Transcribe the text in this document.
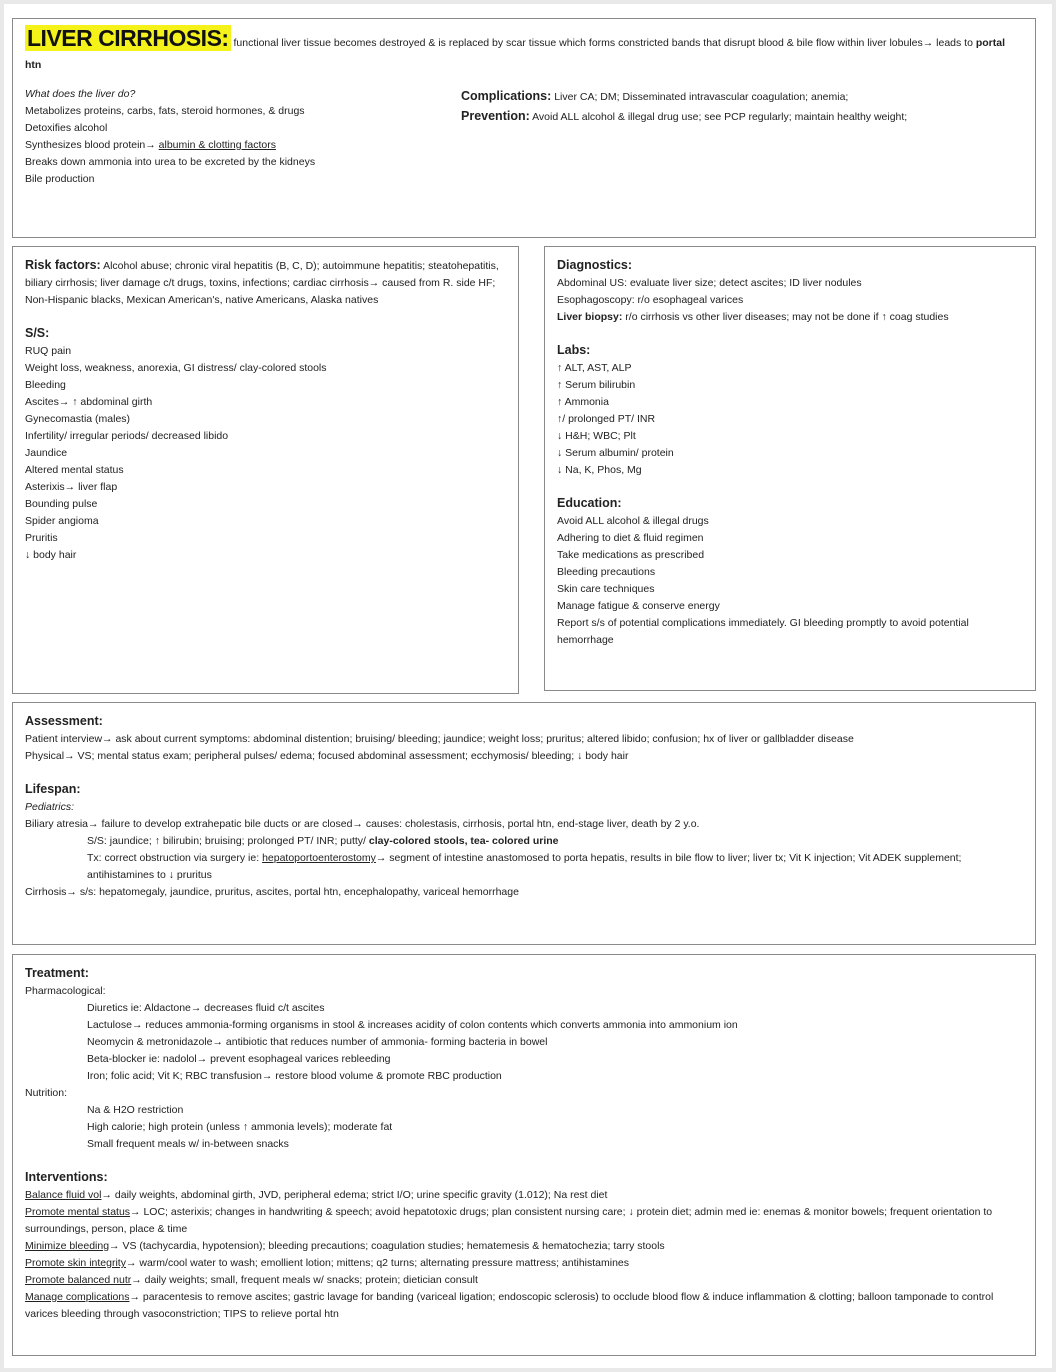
LIVER CIRRHOSIS: functional liver tissue becomes destroyed & is replaced by scar tissue which forms constricted bands that disrupt blood & bile flow within liver lobules→ leads to portal htn
What does the liver do?
Metabolizes proteins, carbs, fats, steroid hormones, & drugs
Detoxifies alcohol
Synthesizes blood protein→ albumin & clotting factors
Breaks down ammonia into urea to be excreted by the kidneys
Bile production
Complications: Liver CA; DM; Disseminated intravascular coagulation; anemia;
Prevention: Avoid ALL alcohol & illegal drug use; see PCP regularly; maintain healthy weight;
Risk factors: Alcohol abuse; chronic viral hepatitis (B, C, D); autoimmune hepatitis; steatohepatitis, biliary cirrhosis; liver damage c/t drugs, toxins, infections; cardiac cirrhosis→ caused from R. side HF; Non-Hispanic blacks, Mexican American's, native Americans, Alaska natives
S/S:
RUQ pain
Weight loss, weakness, anorexia, GI distress/ clay-colored stools
Bleeding
Ascites→ ↑ abdominal girth
Gynecomastia (males)
Infertility/ irregular periods/ decreased libido
Jaundice
Altered mental status
Asterixis→ liver flap
Bounding pulse
Spider angioma
Pruritis
↓ body hair
Diagnostics:
Abdominal US: evaluate liver size; detect ascites; ID liver nodules
Esophagoscopy: r/o esophageal varices
Liver biopsy: r/o cirrhosis vs other liver diseases; may not be done if ↑ coag studies
Labs:
↑ ALT, AST, ALP
↑ Serum bilirubin
↑ Ammonia
↑/ prolonged PT/ INR
↓ H&H; WBC; Plt
↓ Serum albumin/ protein
↓ Na, K, Phos, Mg
Education:
Avoid ALL alcohol & illegal drugs
Adhering to diet & fluid regimen
Take medications as prescribed
Bleeding precautions
Skin care techniques
Manage fatigue & conserve energy
Report s/s of potential complications immediately. GI bleeding promptly to avoid potential hemorrhage
Assessment:
Patient interview→ ask about current symptoms: abdominal distention; bruising/ bleeding; jaundice; weight loss; pruritus; altered libido; confusion; hx of liver or gallbladder disease
Physical→ VS; mental status exam; peripheral pulses/ edema; focused abdominal assessment; ecchymosis/ bleeding; ↓ body hair
Lifespan:
Pediatrics:
Biliary atresia→ failure to develop extrahepatic bile ducts or are closed→ causes: cholestasis, cirrhosis, portal htn, end-stage liver, death by 2 y.o.
S/S: jaundice; ↑ bilirubin; bruising; prolonged PT/ INR; putty/ clay-colored stools, tea- colored urine
Tx: correct obstruction via surgery ie: hepatoportoenterostomy→ segment of intestine anastomosed to porta hepatis, results in bile flow to liver; liver tx; Vit K injection; Vit ADEK supplement; antihistamines to ↓ pruritus
Cirrhosis→ s/s: hepatomegaly, jaundice, pruritus, ascites, portal htn, encephalopathy, variceal hemorrhage
Treatment:
Pharmacological:
Diuretics ie: Aldactone→ decreases fluid c/t ascites
Lactulose→ reduces ammonia-forming organisms in stool & increases acidity of colon contents which converts ammonia into ammonium ion
Neomycin & metronidazole→ antibiotic that reduces number of ammonia- forming bacteria in bowel
Beta-blocker ie: nadolol→ prevent esophageal varices rebleeding
Iron; folic acid; Vit K; RBC transfusion→ restore blood volume & promote RBC production
Nutrition:
Na & H2O restriction
High calorie; high protein (unless ↑ ammonia levels); moderate fat
Small frequent meals w/ in-between snacks
Interventions:
Balance fluid vol→ daily weights, abdominal girth, JVD, peripheral edema; strict I/O; urine specific gravity (1.012); Na rest diet
Promote mental status→ LOC; asterixis; changes in handwriting & speech; avoid hepatotoxic drugs; plan consistent nursing care; ↓ protein diet; admin med ie: enemas & monitor bowels; frequent orientation to surroundings, person, place & time
Minimize bleeding→ VS (tachycardia, hypotension); bleeding precautions; coagulation studies; hematemesis & hematochezia; tarry stools
Promote skin integrity→ warm/cool water to wash; emollient lotion; mittens; q2 turns; alternating pressure mattress; antihistamines
Promote balanced nutr→ daily weights; small, frequent meals w/ snacks; protein; dietician consult
Manage complications→ paracentesis to remove ascites; gastric lavage for banding (variceal ligation; endoscopic sclerosis) to occlude blood flow & induce inflammation & clotting; balloon tamponade to control varices bleeding through vasoconstriction; TIPS to relieve portal htn
